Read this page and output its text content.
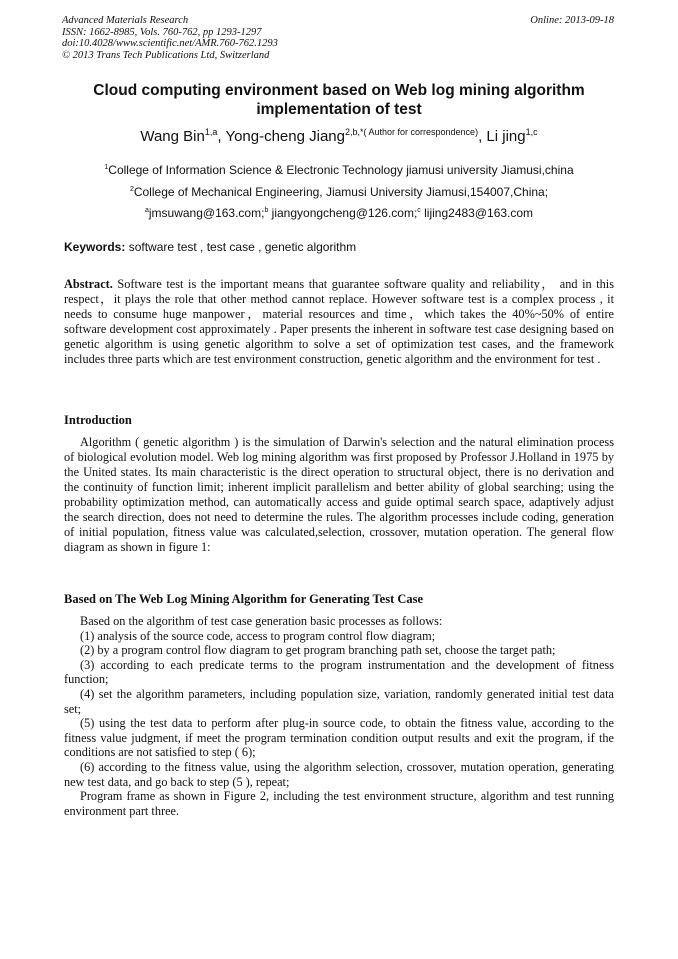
Advanced Materials Research
ISSN: 1662-8985, Vols. 760-762, pp 1293-1297
doi:10.4028/www.scientific.net/AMR.760-762.1293
© 2013 Trans Tech Publications Ltd, Switzerland
Online: 2013-09-18
Cloud computing environment based on Web log mining algorithm implementation of test
Wang Bin$^{1,a}$, Yong-cheng Jiang$^{2,b,*( Author for correspondence)}$, Li jing$^{1,c}$
$^1$College of Information Science & Electronic Technology jiamusi university Jiamusi,china
$^2$College of Mechanical Engineering, Jiamusi University Jiamusi,154007,China;
$^a$jmsuwang@163.com;$^b$ jiangyongcheng@126.com;$^c$ lijing2483@163.com
Keywords: software test , test case , genetic algorithm
Abstract. Software test is the important means that guarantee software quality and reliability， and in this respect，it plays the role that other method cannot replace. However software test is a complex process , it needs to consume huge manpower，material resources and time，which takes the 40%~50% of entire software development cost approximately . Paper presents the inherent in software test case designing based on genetic algorithm is using genetic algorithm to solve a set of optimization test cases, and the framework includes three parts which are test environment construction, genetic algorithm and the environment for test .
Introduction
Algorithm ( genetic algorithm ) is the simulation of Darwin's selection and the natural elimination process of biological evolution model. Web log mining algorithm was first proposed by Professor J.Holland in 1975 by the United states. Its main characteristic is the direct operation to structural object, there is no derivation and the continuity of function limit; inherent implicit parallelism and better ability of global searching; using the probability optimization method, can automatically access and guide optimal search space, adaptively adjust the search direction, does not need to determine the rules. The algorithm processes include coding, generation of initial population, fitness value was calculated,selection, crossover, mutation operation. The general flow diagram as shown in figure 1:
Based on The Web Log Mining Algorithm for Generating Test Case

Based on the algorithm of test case generation basic processes as follows:

(1) analysis of the source code, access to program control flow diagram;

(2) by a program control flow diagram to get program branching path set, choose the target path;

(3) according to each predicate terms to the program instrumentation and the development of fitness function;

(4) set the algorithm parameters, including population size, variation, randomly generated initial test data set;

(5) using the test data to perform after plug-in source code, to obtain the fitness value, according to the fitness value judgment, if meet the program termination condition output results and exit the program, if the conditions are not satisfied to step ( 6);

(6) according to the fitness value, using the algorithm selection, crossover, mutation operation, generating new test data, and go back to step (5 ), repeat;

Program frame as shown in Figure 2, including the test environment structure, algorithm and test running environment part three.
